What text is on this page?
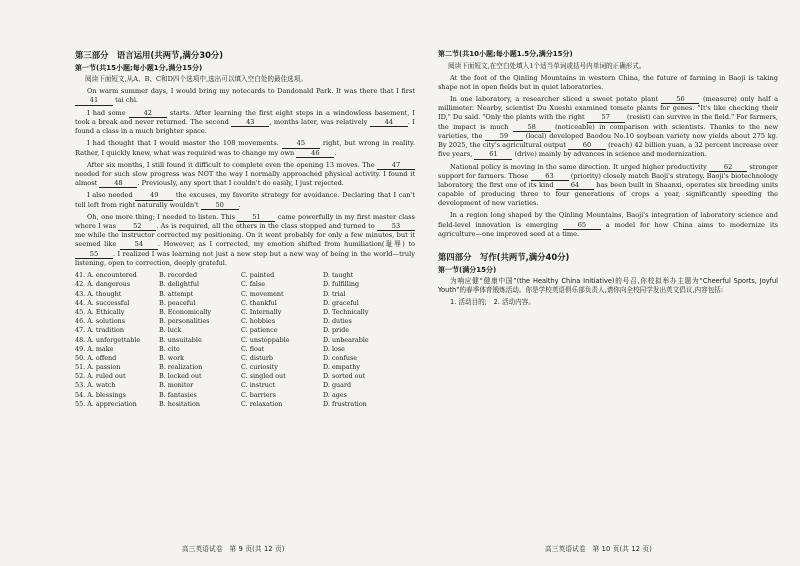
第三部分　语言运用(共两节,满分30分)
第一节(共15小题;每小题1分,满分15分)
阅读下面短文,从A、B、C和D四个选项中,选出可以填入空白处的最佳选项。

On warm summer days, I would bring my notecards to Dandonald Park. It was there that I first 41 tai chi.

I had some 42 starts. After learning the first eight steps in a windowless basement, I took a break and never returned. The second 43 , months later, was relatively 44 . I found a class in a much brighter space.

I had thought that I would master the 108 movements. 45 right, but wrong in reality. Rather, I quickly knew, what was required was to change my own 46 .

After six months, I still found it difficult to complete even the opening 13 moves. The 47 needed for such slow progress was NOT the way I normally approached physical activity. I found it almost 48 . Previously, any sport that I couldn't do easily, I just rejected.

I also needed 49 the excuses, my favorite strategy for avoidance. Declaring that I can't tell left from right naturally wouldn't 50 .

Oh, one more thing; I needed to listen. This 51 came powerfully in my first master class where I was 52 . As is required, all the others in the class stopped and turned to 53 me while the instructor corrected my positioning. On it went probably for only a few minutes, but it seemed like 54 . However, as I corrected, my emotion shifted from humiliation(耻辱) to 55 . I realized I was learning not just a new step but a new way of being in the world—truly listening, open to correction, deeply grateful.

41. A. encountered	B. recorded	C. painted	D. taught
42. A. dangerous	B. delightful	C. false	D. fulfilling
43. A. thought	B. attempt	C. movement	D. trial
44. A. successful	B. peaceful	C. thankful	D. graceful
45. A. Ethically	B. Economically	C. Internally	D. Technically
46. A. solutions	B. personalities	C. hobbies	D. duties
47. A. tradition	B. luck	C. patience	D. pride
48. A. unforgettable	B. unsuitable	C. unstoppable	D. unbearable
49. A. make	B. cite	C. float	D. lose
50. A. offend	B. work	C. disturb	D. confuse
51. A. passion	B. realization	C. curiosity	D. empathy
52. A. ruled out	B. locked out	C. singled out	D. sorted out
53. A. watch	B. monitor	C. instruct	D. guard
54. A. blessings	B. fantasies	C. barriers	D. ages
55. A. appreciation	B. hesitation	C. relaxation	D. frustration
高三英语试卷　第 9 页(共 12 页)
第二节(共10小题;每小题1.5分,满分15分)
阅读下面短文,在空白处填入1个适当单词或括号内单词的正确形式。

At the foot of the Qinling Mountains in western China, the future of farming in Baoji is taking shape not in open fields but in quiet laboratories.

In one laboratory, a researcher sliced a sweet potato plant 56 (measure) only half a millimeter. Nearby, scientist Du Xueshi examined tomato plants for genes. "It's like checking their ID," Du said. "Only the plants with the right 57 (resist) can survive in the field." For farmers, the impact is much 58 (noticeable) in comparison with scientists. Thanks to the new varieties, the 59 (local) developed Baodou No.10 soybean variety now yields about 275 kg. By 2025, the city's agricultural output 60 (reach) 42 billion yuan, a 32 percent increase over five years, 61 (drive) mainly by advances in science and modernization.

National policy is moving in the same direction. It urged higher productivity 62 stronger support for farmers. Those 63 (priority) closely match Baoji's strategy. Baoji's biotechnology laboratory, the first one of its kind 64 has been built in Shaanxi, operates six breeding units capable of producing three to four generations of crops a year, significantly speeding the development of new varieties.

In a region long shaped by the Qinling Mountains, Baoji's integration of laboratory science and field-level innovation is emerging 65 a model for how China aims to modernize its agriculture—one improved seed at a time.

第四部分　写作(共两节,满分40分)
第一节(满分15分)
为响应健“健康中国”(the Healthy China Initiative)的号召,你校拟举办主题为“Cheerful Sports, Joyful Youth”的春季体育锻炼活动。你是学校英语俱乐部负责人,请你向全校同学发出英文倡议,内容包括:
1. 活动目的;　2. 活动内容。
高三英语试卷　第 10 页(共 12 页)
